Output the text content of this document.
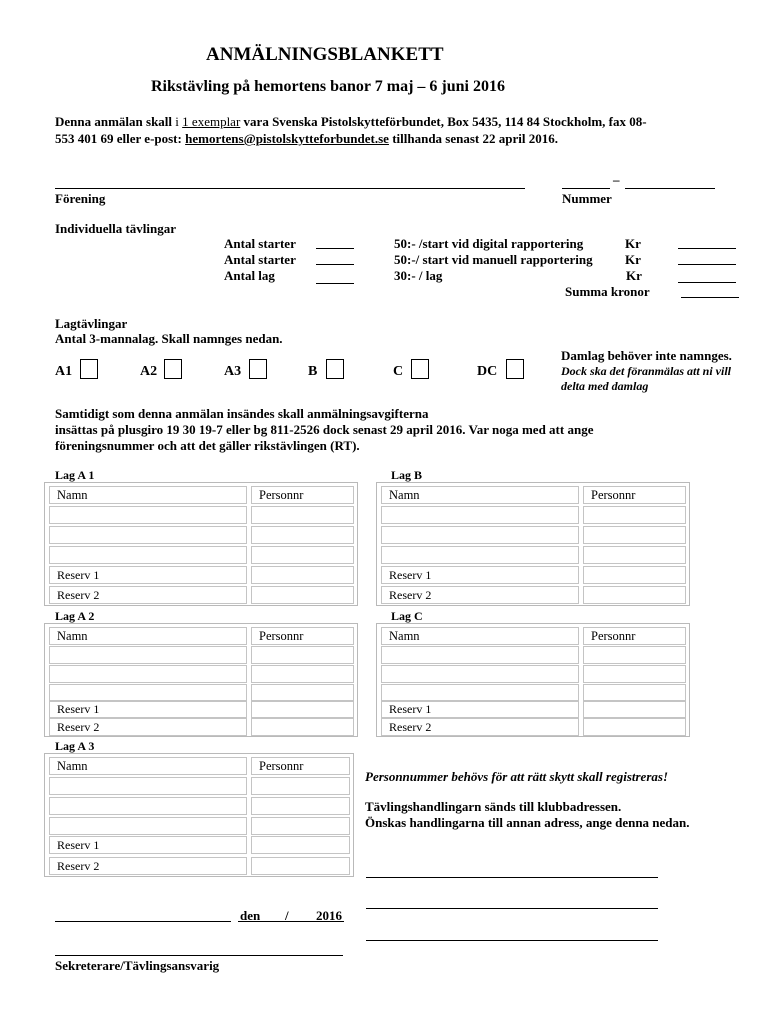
ANMÄLNINGSBLANKETT
Rikstävling på hemortens banor 7 maj – 6 juni 2016
Denna anmälan skall i 1 exemplar vara Svenska Pistolskytteförbundet, Box 5435, 114 84 Stockholm, fax 08-
553 401 69 eller e-post: hemortens@pistolskytteforbundet.se tillhanda senast 22 april 2016.
Förening
–
Nummer
Individuella tävlingar
Antal starter	50:- /start vid digital rapportering	Kr
Antal starter	50:-/ start vid manuell rapportering Kr
Antal lag	30:- / lag	Kr
Summa kronor
Lagtävlingar
Antal 3-mannalag. Skall namnges nedan.
Damlag behöver inte namnges.
A1	A2	A3	B	C	DC	Dock ska det föranmälas att ni vill
delta med damlag
Samtidigt som denna anmälan insändes skall anmälningsavgifterna
insättas på plusgiro 19 30 19-7 eller bg 811-2526 dock senast 29 april 2016. Var noga med att ange
föreningsnummer och att det gäller rikstävlingen (RT).
Lag A 1
Namn	Personnr
Reserv 1
Reserv 2
Lag B
Namn	Personnr
Reserv 1
Reserv 2
Lag A 2
Namn	Personnr
Reserv 1
Reserv 2
Lag C
Namn	Personnr
Reserv 1
Reserv 2
Lag A 3
Namn	Personnr
Reserv 1
Reserv 2
Personnummer behövs för att rätt skytt skall registreras!
Tävlingshandlingarn sänds till klubbadressen.
Önskas handlingarna till annan adress, ange denna nedan.
den / 2016
Sekreterare/Tävlingsansvarig
